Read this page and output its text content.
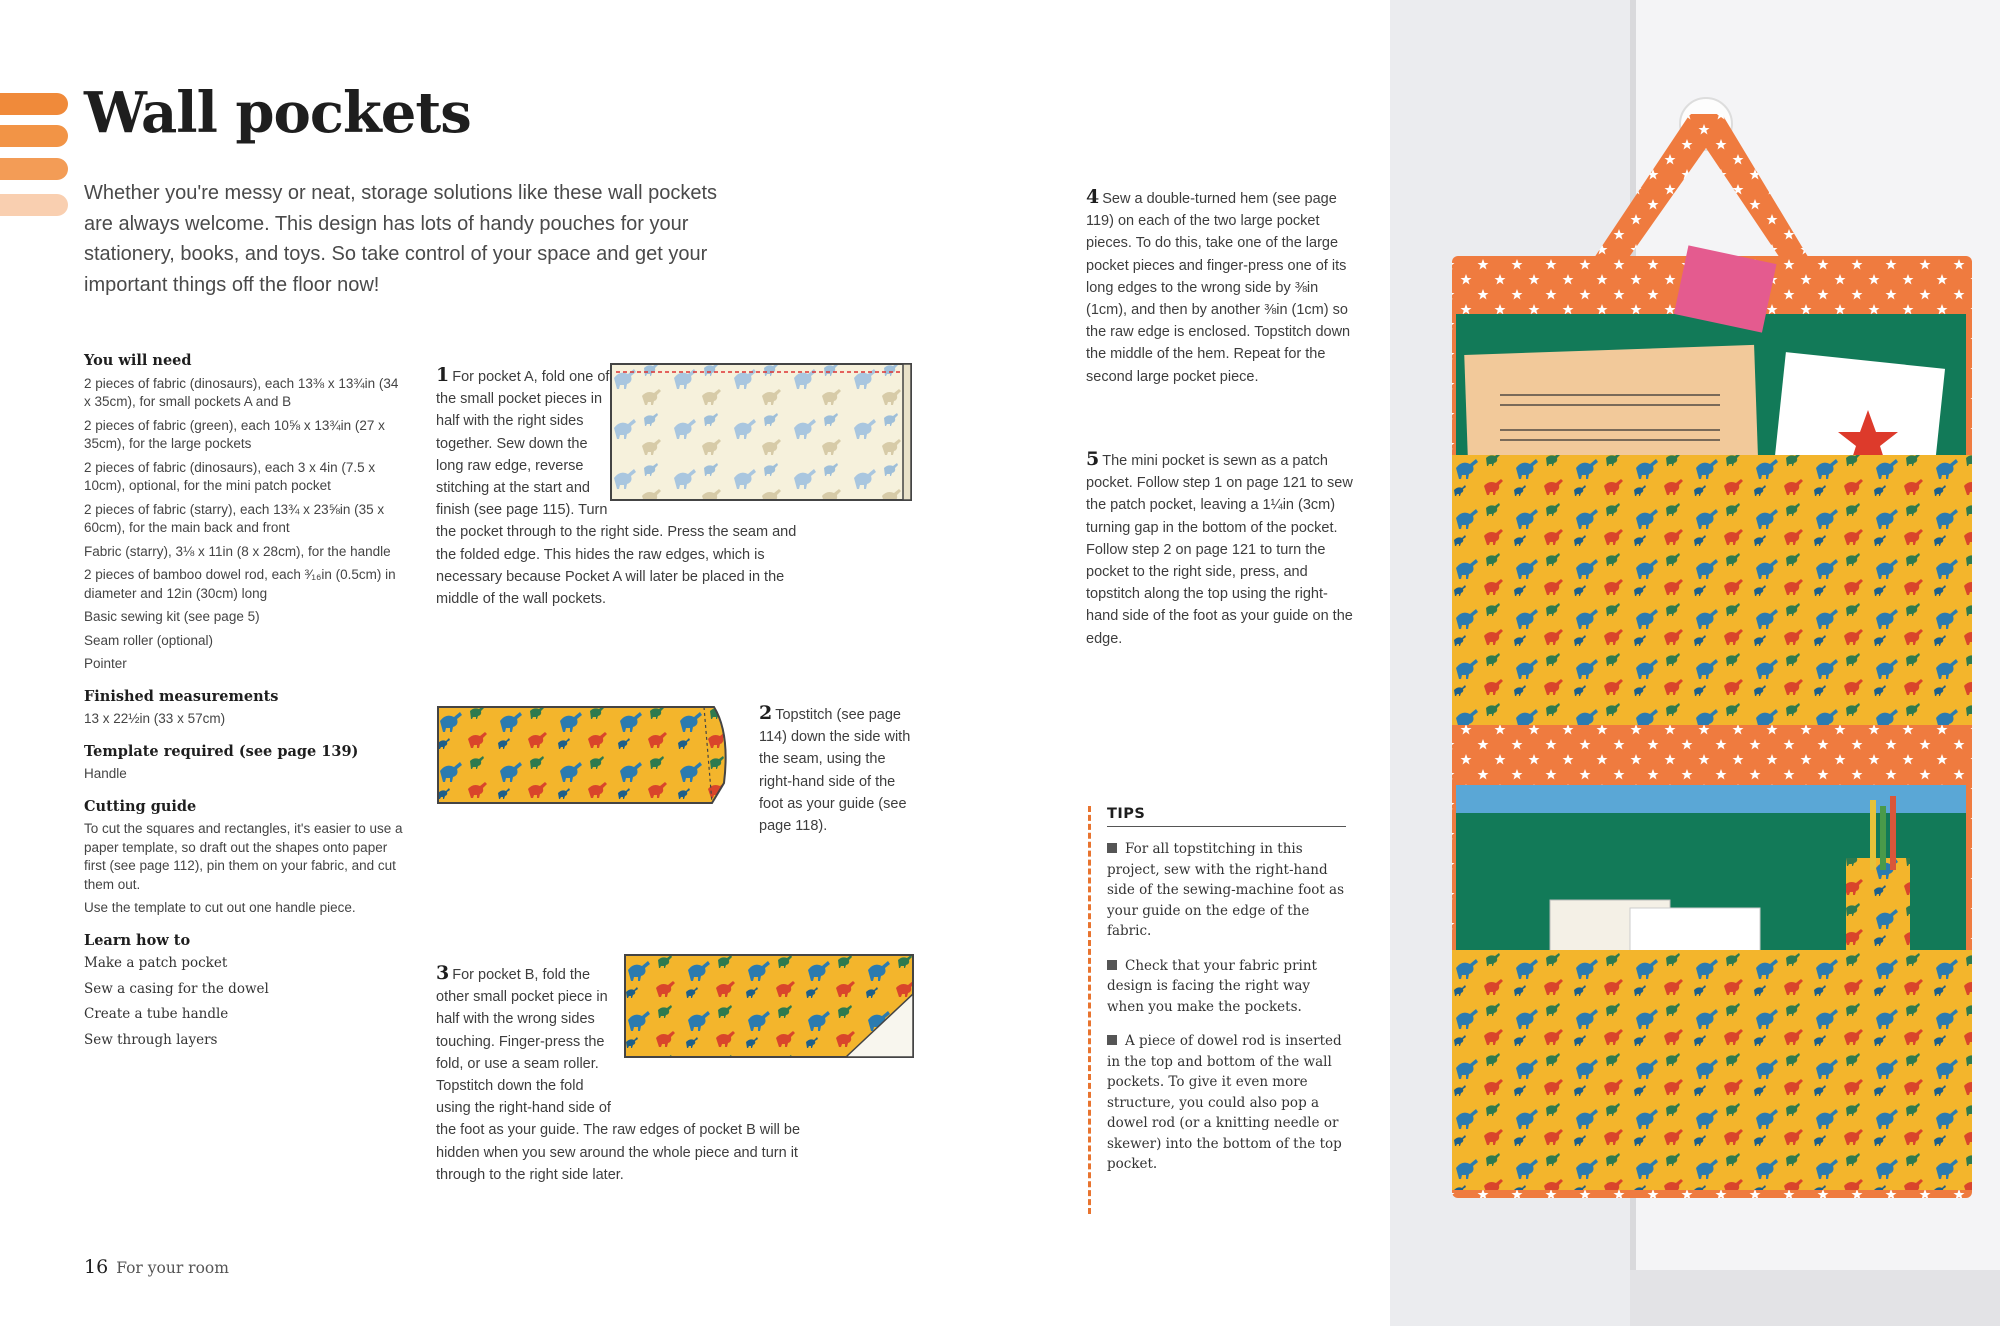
Wall pockets

Whether you're messy or neat, storage solutions like these wall pockets are always welcome. This design has lots of handy pouches for your stationery, books, and toys. So take control of your space and get your important things off the floor now!

You will need
2 pieces of fabric (dinosaurs), each 13⅜ x 13¾in (34 x 35cm), for small pockets A and B
2 pieces of fabric (green), each 10⅝ x 13¾in (27 x 35cm), for the large pockets
2 pieces of fabric (dinosaurs), each 3 x 4in (7.5 x 10cm), optional, for the mini patch pocket
2 pieces of fabric (starry), each 13¾ x 23⅝in (35 x 60cm), for the main back and front
Fabric (starry), 3⅛ x 11in (8 x 28cm), for the handle
2 pieces of bamboo dowel rod, each ³⁄₁₆in (0.5cm) in diameter and 12in (30cm) long
Basic sewing kit (see page 5)
Seam roller (optional)
Pointer
Finished measurements
13 x 22½in (33 x 57cm)
Template required (see page 139)
Handle
Cutting guide
To cut the squares and rectangles, it's easier to use a paper template, so draft out the shapes onto paper first (see page 112), pin them on your fabric, and cut them out.
Use the template to cut out one handle piece.
Learn how to
Make a patch pocket
Sew a casing for the dowel
Create a tube handle
Sew through layers
1 For pocket A, fold one of the small pocket pieces in half with the right sides together. Sew down the long raw edge, reverse stitching at the start and finish (see page 115). Turn the pocket through to the right side. Press the seam and the folded edge. This hides the raw edges, which is necessary because Pocket A will later be placed in the middle of the wall pockets.
2 Topstitch (see page 114) down the side with the seam, using the right-hand side of the foot as your guide (see page 118).
3 For pocket B, fold the other small pocket piece in half with the wrong sides touching. Finger-press the fold, or use a seam roller. Topstitch down the fold using the right-hand side of the foot as your guide. The raw edges of pocket B will be hidden when you sew around the whole piece and turn it through to the right side later.
4 Sew a double-turned hem (see page 119) on each of the two large pocket pieces. To do this, take one of the large pocket pieces and finger-press one of its long edges to the wrong side by ⅜in (1cm), and then by another ⅜in (1cm) so the raw edge is enclosed. Topstitch down the middle of the hem. Repeat for the second large pocket piece.
5 The mini pocket is sewn as a patch pocket. Follow step 1 on page 121 to sew the patch pocket, leaving a 1¼in (3cm) turning gap in the bottom of the pocket. Follow step 2 on page 121 to turn the pocket to the right side, press, and topstitch along the top using the right-hand side of the foot as your guide on the edge.
TIPS
For all topstitching in this project, sew with the right-hand side of the sewing-machine foot as your guide on the edge of the fabric.
Check that your fabric print design is facing the right way when you make the pockets.
A piece of dowel rod is inserted in the top and bottom of the wall pockets. To give it even more structure, you could also pop a dowel rod (or a knitting needle or skewer) into the bottom of the top pocket.
16 For your room
